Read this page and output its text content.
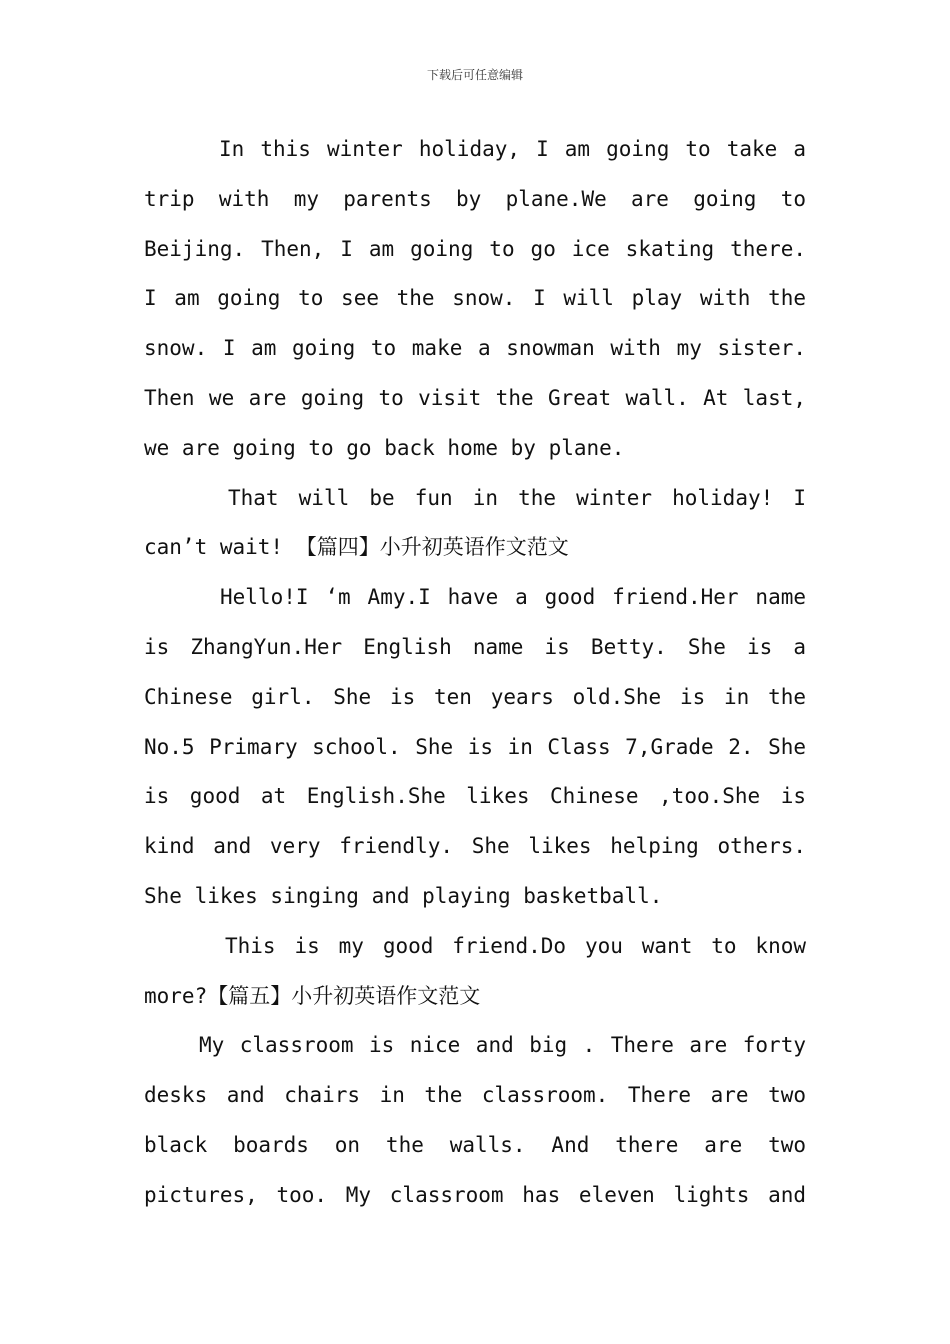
下载后可任意编辑
In this winter holiday, I am going to take a
trip with my parents by plane.We are going to
Beijing. Then, I am going to go ice skating there.
I am going to see the snow. I will play with the
snow. I am going to make a snowman with my sister.
Then we are going to visit the Great wall. At last,
we are going to go back home by plane.
That will be fun in the winter holiday! I
can’t wait! 【篇四】小升初英语作文范文
Hello!I ‘m Amy.I have a good friend.Her name
is ZhangYun.Her English name is Betty. She is a
Chinese girl. She is ten years old.She is in the
No.5 Primary school. She is in Class 7,Grade 2. She
is good at English.She likes Chinese ,too.She is
kind and very friendly. She likes helping others.
She likes singing and playing basketball.
This is my good friend.Do you want to know
more?【篇五】小升初英语作文范文
My classroom is nice and big . There are forty
desks and chairs in the classroom. There are two
black boards on the walls. And there are two
pictures, too. My classroom has eleven lights and
